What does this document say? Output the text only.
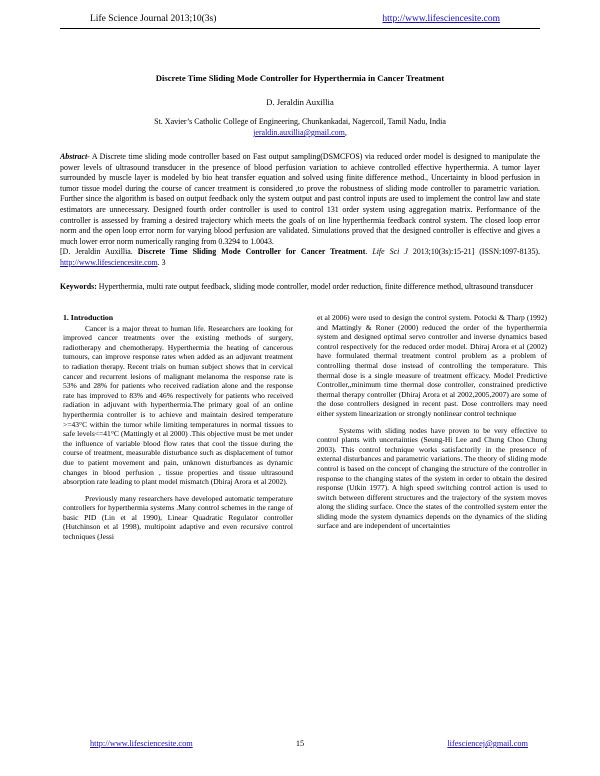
Life Science Journal 2013;10(3s)	http://www.lifesciencesite.com
Discrete Time Sliding Mode Controller for Hyperthermia in Cancer Treatment
D. Jeraldin Auxillia
St. Xavier’s Catholic College of Engineering, Chunkankadai, Nagercoil, Tamil Nadu, India
jeraldin.auxillia@gmail.com,
Abstract- A Discrete time sliding mode controller based on Fast output sampling(DSMCFOS) via reduced order model is designed to manipulate the power levels of ultrasound transducer in the presence of blood perfusion variation to achieve controlled effective hyperthermia. A tumor layer surrounded by muscle layer is modeled by bio heat transfer equation and solved using finite difference method., Uncertainty in blood perfusion in tumor tissue model during the course of cancer treatment is considered ,to prove the robustness of sliding mode controller to parametric variation. Further since the algorithm is based on output feedback only the system output and past control inputs are used to implement the control law and state estimators are unnecessary. Designed fourth order controller is used to control 131 order system using aggregation matrix. Performance of the controller is assessed by framing a desired trajectory which meets the goals of on line hyperthermia feedback control system. The closed loop error norm and the open loop error norm for varying blood perfusion are validated. Simulations proved that the designed controller is effective and gives a much lower error norm numerically ranging from 0.3294 to 1.0043.
[D. Jeraldin Auxillia. Discrete Time Sliding Mode Controller for Cancer Treatment. Life Sci J 2013;10(3s):15-21] (ISSN:1097-8135). http://www.lifesciencesite.com. 3
Keywords: Hyperthermia, multi rate output feedback, sliding mode controller, model order reduction, finite difference method, ultrasound transducer
1. Introduction

Cancer is a major threat to human life. Researchers are looking for improved cancer treatments over the existing methods of surgery, radiotherapy and chemotherapy. Hyperthermia the heating of cancerous tumours, can improve response rates when added as an adjuvant treatment to radiation therapy. Recent trials on human subject shows that in cervical cancer and recurrent lesions of malignant melanoma the response rate is 53% and 28% for patients who received radiation alone and the response rate has improved to 83% and 46% respectively for patients who received radiation in adjuvant with hyperthermia.The primary goal of an online hyperthermia controller is to achieve and maintain desired temperature >=43°C within the tumor while limiting temperatures in normal tissues to safe levels<=41°C (Mattingly et al 2000) .This objective must be met under the influence of variable blood flow rates that cool the tissue during the course of treatment, measurable disturbance such as displacement of tumor due to patient movement and pain, unknown disturbances as dynamic changes in blood perfusion , tissue properties and tissue ultrasound absorption rate leading to plant model mismatch (Dhiraj Arora et al 2002).

Previously many researchers have developed automatic temperature controllers for hyperthermia systems .Many control schemes in the range of basic PID (Lin et al 1990), Linear Quadratic Regulator controller (Hutchinson et al 1998), multipoint adaptive and even recursive control techniques (Jessi

et al 2006) were used to design the control system. Potocki & Tharp (1992) and Mattingly & Roner (2000) reduced the order of the hyperthermia system and designed optimal servo controller and inverse dynamics based control respectively for the reduced order model. Dhiraj Arora et al (2002) have formulated thermal treatment control problem as a problem of controlling thermal dose instead of controlling the temperature. This thermal dose is a single measure of treatment efficacy. Model Predictive Controller,,minimum time thermal dose controller, constrained predictive thermal therapy controller (Dhiraj Arora et al 2002,2005,2007) are some of the dose controllers designed in recent past. Dose controllers may need either system linearization or strongly nonlinear control technique

Systems with sliding nodes have proven to be very effective to control plants with uncertainties (Seung-Hi Lee and Chung Choo Chung 2003). This control technique works satisfactorily in the presence of external disturbances and parametric variations. The theory of sliding mode control is based on the concept of changing the structure of the controller in response to the changing states of the system in order to obtain the desired response (Utkin 1977). A high speed switching control action is used to switch between different structures and the trajectory of the system moves along the sliding surface. Once the states of the controlled system enter the sliding mode the system dynamics depends on the dynamics of the sliding surface and are independent of uncertainties

http://www.lifesciencesite.com	15	lifesciencej@gmail.com
